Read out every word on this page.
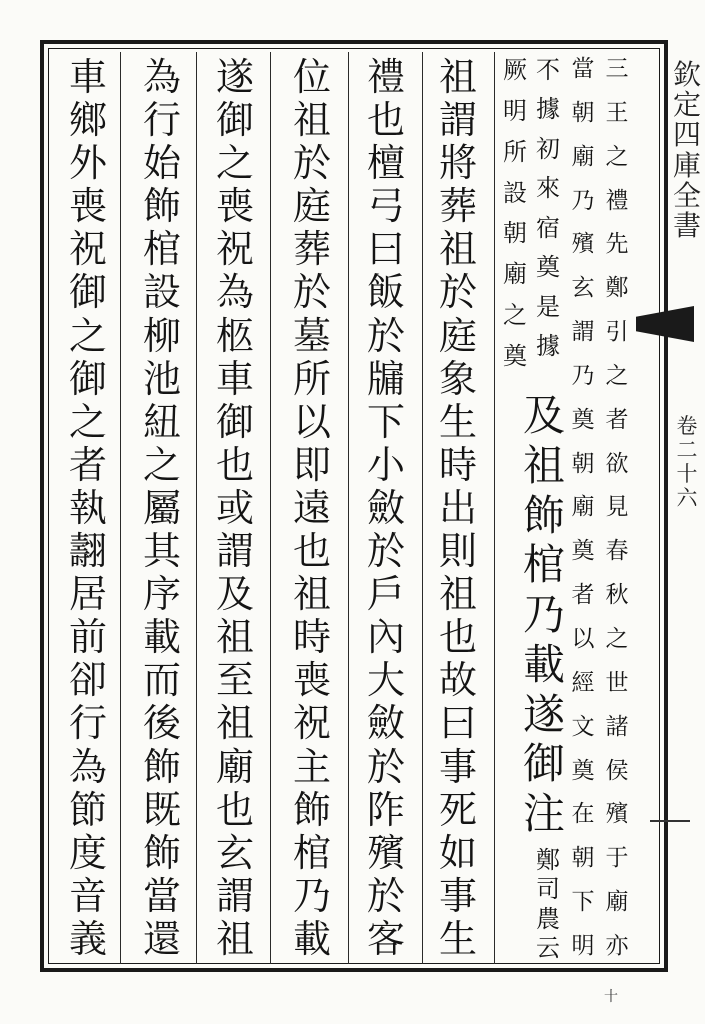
欽
定
四
庫
全
書
卷
二
十
六
十
三
王
之
禮
先
鄭
引
之
者
欲
見
春
秋
之
世
諸
侯
殯
于
廟
亦
當
朝
廟
乃
殯
玄
謂
乃
奠
朝
廟
奠
者
以
經
文
奠
在
朝
下
明
不
據
初
來
宿
奠
是
據
及
祖
飾
棺
乃
載
遂
御
注
鄭
司
農
云
厥
明
所
設
朝
廟
之
奠
祖
謂
將
葬
祖
於
庭
象
生
時
出
則
祖
也
故
曰
事
死
如
事
生
禮
也
檀
弓
曰
飯
於
牖
下
小
斂
於
戶
內
大
斂
於
阼
殯
於
客
位
祖
於
庭
葬
於
墓
所
以
即
遠
也
祖
時
喪
祝
主
飾
棺
乃
載
遂
御
之
喪
祝
為
柩
車
御
也
或
謂
及
祖
至
祖
廟
也
玄
謂
祖
為
行
始
飾
棺
設
柳
池
紐
之
屬
其
序
載
而
後
飾
既
飾
當
還
車
鄉
外
喪
祝
御
之
御
之
者
執
翿
居
前
卻
行
為
節
度
音
義
